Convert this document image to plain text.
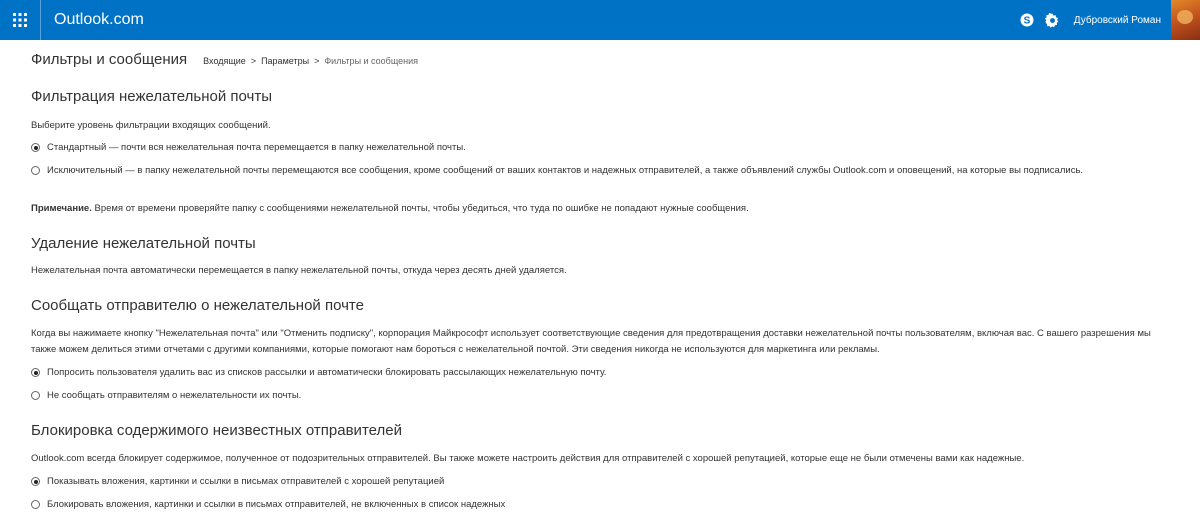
Outlook.com	S	Дубровский Роман
Фильтры и сообщения Входящие > Параметры > Фильтры и сообщения
Фильтрация нежелательной почты
Выберите уровень фильтрации входящих сообщений.
Стандартный — почти вся нежелательная почта перемещается в папку нежелательной почты.
Исключительный — в папку нежелательной почты перемещаются все сообщения, кроме сообщений от ваших контактов и надежных отправителей, а также объявлений службы Outlook.com и оповещений, на которые вы подписались.
Примечание. Время от времени проверяйте папку с сообщениями нежелательной почты, чтобы убедиться, что туда по ошибке не попадают нужные сообщения.
Удаление нежелательной почты
Нежелательная почта автоматически перемещается в папку нежелательной почты, откуда через десять дней удаляется.
Сообщать отправителю о нежелательной почте
Когда вы нажимаете кнопку "Нежелательная почта" или "Отменить подписку", корпорация Майкрософт использует соответствующие сведения для предотвращения доставки нежелательной почты пользователям, включая вас. С вашего разрешения мы также можем делиться этими отчетами с другими компаниями, которые помогают нам бороться с нежелательной почтой. Эти сведения никогда не используются для маркетинга или рекламы.
Попросить пользователя удалить вас из списков рассылки и автоматически блокировать рассылающих нежелательную почту.
Не сообщать отправителям о нежелательности их почты.
Блокировка содержимого неизвестных отправителей
Outlook.com всегда блокирует содержимое, полученное от подозрительных отправителей. Вы также можете настроить действия для отправителей с хорошей репутацией, которые еще не были отмечены вами как надежные.
Показывать вложения, картинки и ссылки в письмах отправителей с хорошей репутацией
Блокировать вложения, картинки и ссылки в письмах отправителей, не включенных в список надежных
